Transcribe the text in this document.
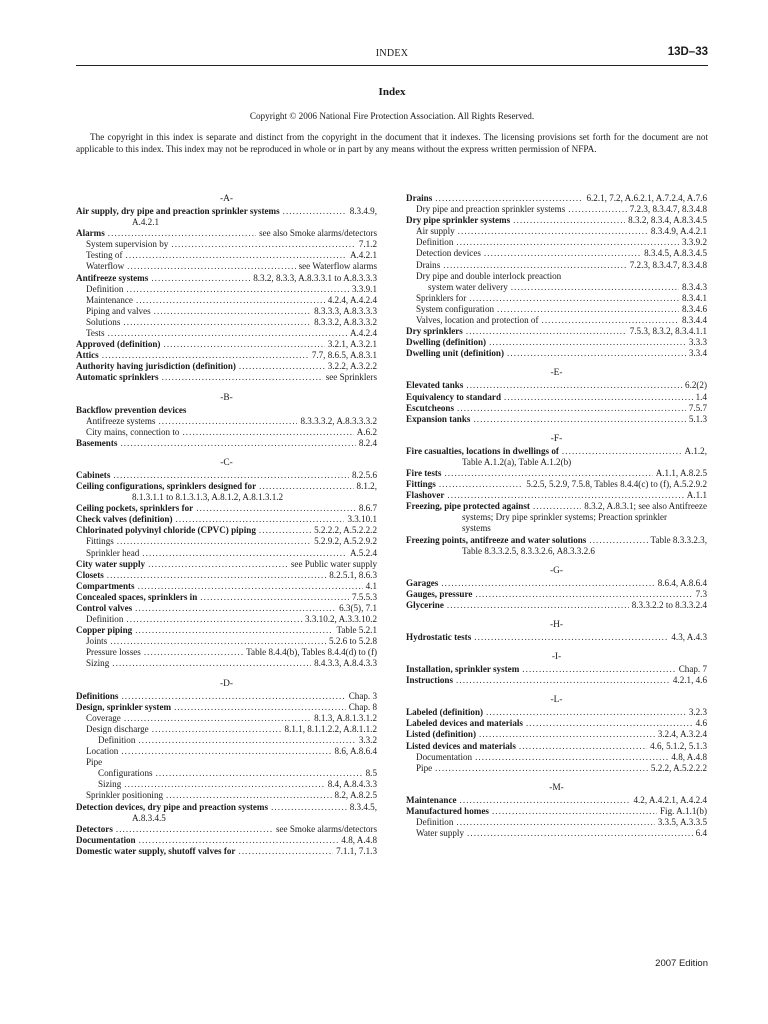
INDEX	13D–33
Index
Copyright © 2006 National Fire Protection Association. All Rights Reserved.
The copyright in this index is separate and distinct from the copyright in the document that it indexes. The licensing provisions set forth for the document are not applicable to this index. This index may not be reproduced in whole or in part by any means without the express written permission of NFPA.
-A-
Air supply, dry pipe and preaction sprinkler systems . . .	8.3.4.9,
A.4.2.1
Alarms . . .	see also Smoke alarms/detectors
System supervision by . . .	7.1.2
Testing of . . .	A.4.2.1
Waterflow . . .	see Waterflow alarms
Antifreeze systems . . .	8.3.2, 8.3.3, A.8.3.3.1 to A.8.3.3.3
Definition . . .	3.3.9.1
Maintenance . . .	4.2.4, A.4.2.4
Piping and valves . . .	8.3.3.3, A.8.3.3.3
Solutions . . .	8.3.3.2, A.8.3.3.2
Tests . . .	A.4.2.4
Approved (definition) . . .	3.2.1, A.3.2.1
Attics . . .	7.7, 8.6.5, A.8.3.1
Authority having jurisdiction (definition) . . .	3.2.2, A.3.2.2
Automatic sprinklers . . .	see Sprinklers
-B-
Backflow prevention devices
Antifreeze systems . . .	8.3.3.3.2, A.8.3.3.3.2
City mains, connection to . . .	A.6.2
Basements . . .	8.2.4
-C-
Cabinets . . .	8.2.5.6
Ceiling configurations, sprinklers designed for . . .	8.1.2,
8.1.3.1.1 to 8.1.3.1.3, A.8.1.2, A.8.1.3.1.2
Ceiling pockets, sprinklers for . . .	8.6.7
Check valves (definition) . . .	3.3.10.1
Chlorinated polyvinyl chloride (CPVC) piping . . .	5.2.2.2, A.5.2.2.2
Fittings . . .	5.2.9.2, A.5.2.9.2
Sprinkler head . . .	A.5.2.4
City water supply . . .	see Public water supply
Closets . . .	8.2.5.1, 8.6.3
Compartments . . .	4.1
Concealed spaces, sprinklers in . . .	7.5.5.3
Control valves . . .	6.3(5), 7.1
Definition . . .	3.3.10.2, A.3.3.10.2
Copper piping . . .	Table 5.2.1
Joints . . .	5.2.6 to 5.2.8
Pressure losses . . .	Table 8.4.4(b), Tables 8.4.4(d) to (f)
Sizing . . .	8.4.3.3, A.8.4.3.3
-D-
Definitions . . .	Chap. 3
Design, sprinkler system . . .	Chap. 8
Coverage . . .	8.1.3, A.8.1.3.1.2
Design discharge . . .	8.1.1, 8.1.1.2.2, A.8.1.1.2
Definition . . .	3.3.2
Location . . .	8.6, A.8.6.4
Pipe
Configurations . . .	8.5
Sizing . . .	8.4, A.8.4.3.3
Sprinkler positioning . . .	8.2, A.8.2.5
Detection devices, dry pipe and preaction systems . . .	8.3.4.5,
A.8.3.4.5
Detectors . . .	see Smoke alarms/detectors
Documentation . . .	4.8, A.4.8
Domestic water supply, shutoff valves for . . .	7.1.1, 7.1.3
Drains . . .	6.2.1, 7.2, A.6.2.1, A.7.2.4, A.7.6
Dry pipe and preaction sprinkler systems . . .	7.2.3, 8.3.4.7, 8.3.4.8
Dry pipe sprinkler systems . . .	8.3.2, 8.3.4, A.8.3.4.5
Air supply . . .	8.3.4.9, A.4.2.1
Definition . . .	3.3.9.2
Detection devices . . .	8.3.4.5, A.8.3.4.5
Drains . . .	7.2.3, 8.3.4.7, 8.3.4.8
Dry pipe and double interlock preaction
system water delivery . . .	8.3.4.3
Sprinklers for . . .	8.3.4.1
System configuration . . .	8.3.4.6
Valves, location and protection of . . .	8.3.4.4
Dry sprinklers . . .	7.5.3, 8.3.2, 8.3.4.1.1
Dwelling (definition) . . .	3.3.3
Dwelling unit (definition) . . .	3.3.4
-E-
Elevated tanks . . .	6.2(2)
Equivalency to standard . . .	1.4
Escutcheons . . .	7.5.7
Expansion tanks . . .	5.1.3
-F-
Fire casualties, locations in dwellings of . . .	A.1.2,
Table A.1.2(a), Table A.1.2(b)
Fire tests . . .	A.1.1, A.8.2.5
Fittings . . .	5.2.5, 5.2.9, 7.5.8, Tables 8.4.4(c) to (f), A.5.2.9.2
Flashover . . .	A.1.1
Freezing, pipe protected against . . .	8.3.2, A.8.3.1; see also Antifreeze
systems; Dry pipe sprinkler systems; Preaction sprinkler
systems
Freezing points, antifreeze and water solutions . . .	Table 8.3.3.2.3,
Table 8.3.3.2.5, 8.3.3.2.6, A8.3.3.2.6
-G-
Garages . . .	8.6.4, A.8.6.4
Gauges, pressure . . .	7.3
Glycerine . . .	8.3.3.2.2 to 8.3.3.2.4
-H-
Hydrostatic tests . . .	4.3, A.4.3
-I-
Installation, sprinkler system . . .	Chap. 7
Instructions . . .	4.2.1, 4.6
-L-
Labeled (definition) . . .	3.2.3
Labeled devices and materials . . .	4.6
Listed (definition) . . .	3.2.4, A.3.2.4
Listed devices and materials . . .	4.6, 5.1.2, 5.1.3
Documentation . . .	4.8, A.4.8
Pipe . . .	5.2.2, A.5.2.2.2
-M-
Maintenance . . .	4.2, A.4.2.1, A.4.2.4
Manufactured homes . . .	Fig. A.1.1(b)
Definition . . .	3.3.5, A.3.3.5
Water supply . . .	6.4
2007 Edition
